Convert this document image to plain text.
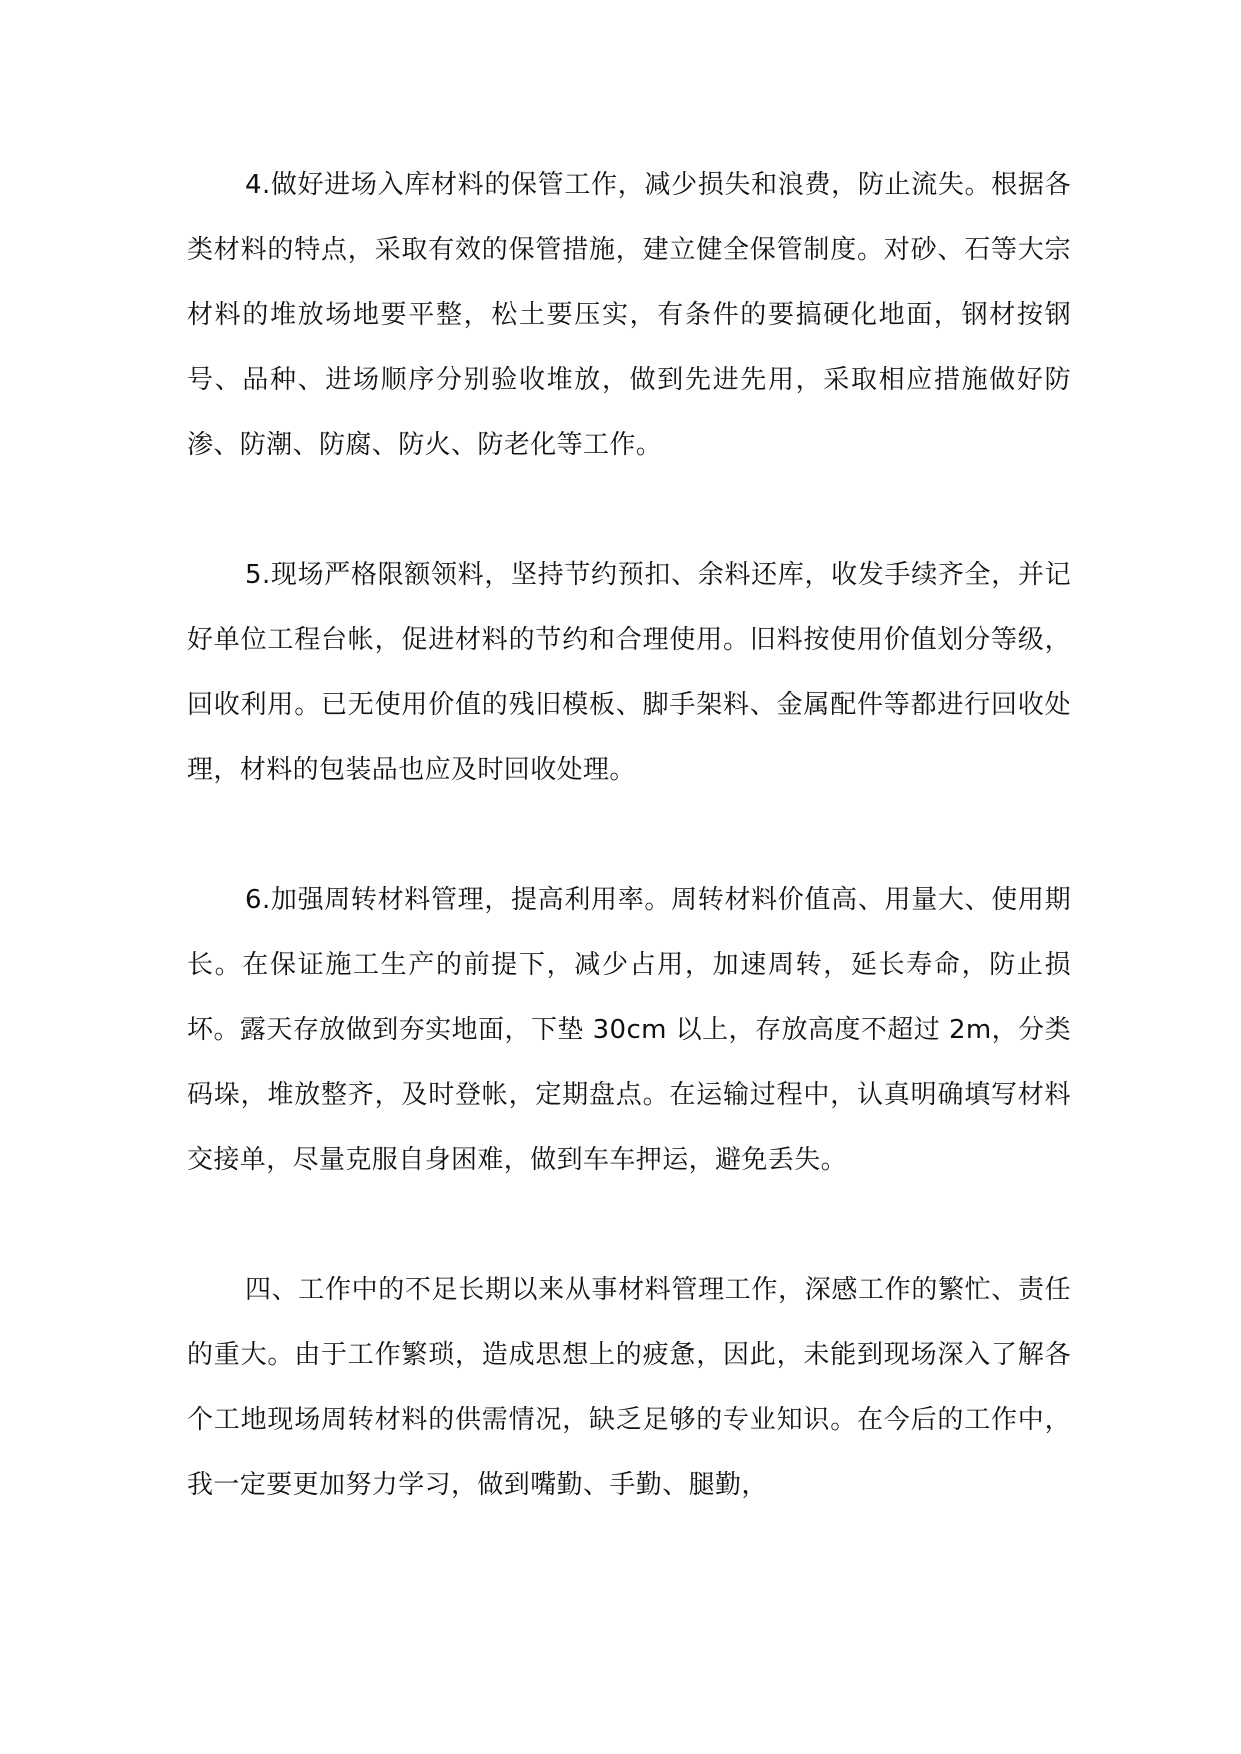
4.做好进场入库材料的保管工作，减少损失和浪费，防止流失。根据各类材料的特点，采取有效的保管措施，建立健全保管制度。对砂、石等大宗材料的堆放场地要平整，松土要压实，有条件的要搞硬化地面，钢材按钢号、品种、进场顺序分别验收堆放，做到先进先用，采取相应措施做好防渗、防潮、防腐、防火、防老化等工作。

5.现场严格限额领料，坚持节约预扣、余料还库，收发手续齐全，并记好单位工程台帐，促进材料的节约和合理使用。旧料按使用价值划分等级，回收利用。已无使用价值的残旧模板、脚手架料、金属配件等都进行回收处理，材料的包装品也应及时回收处理。

6.加强周转材料管理，提高利用率。周转材料价值高、用量大、使用期长。在保证施工生产的前提下，减少占用，加速周转，延长寿命，防止损坏。露天存放做到夯实地面，下垫 30cm 以上，存放高度不超过 2m，分类码垛，堆放整齐，及时登帐，定期盘点。在运输过程中，认真明确填写材料交接单，尽量克服自身困难，做到车车押运，避免丢失。

四、工作中的不足长期以来从事材料管理工作，深感工作的繁忙、责任的重大。由于工作繁琐，造成思想上的疲惫，因此，未能到现场深入了解各个工地现场周转材料的供需情况，缺乏足够的专业知识。在今后的工作中，我一定要更加努力学习，做到嘴勤、手勤、腿勤，
